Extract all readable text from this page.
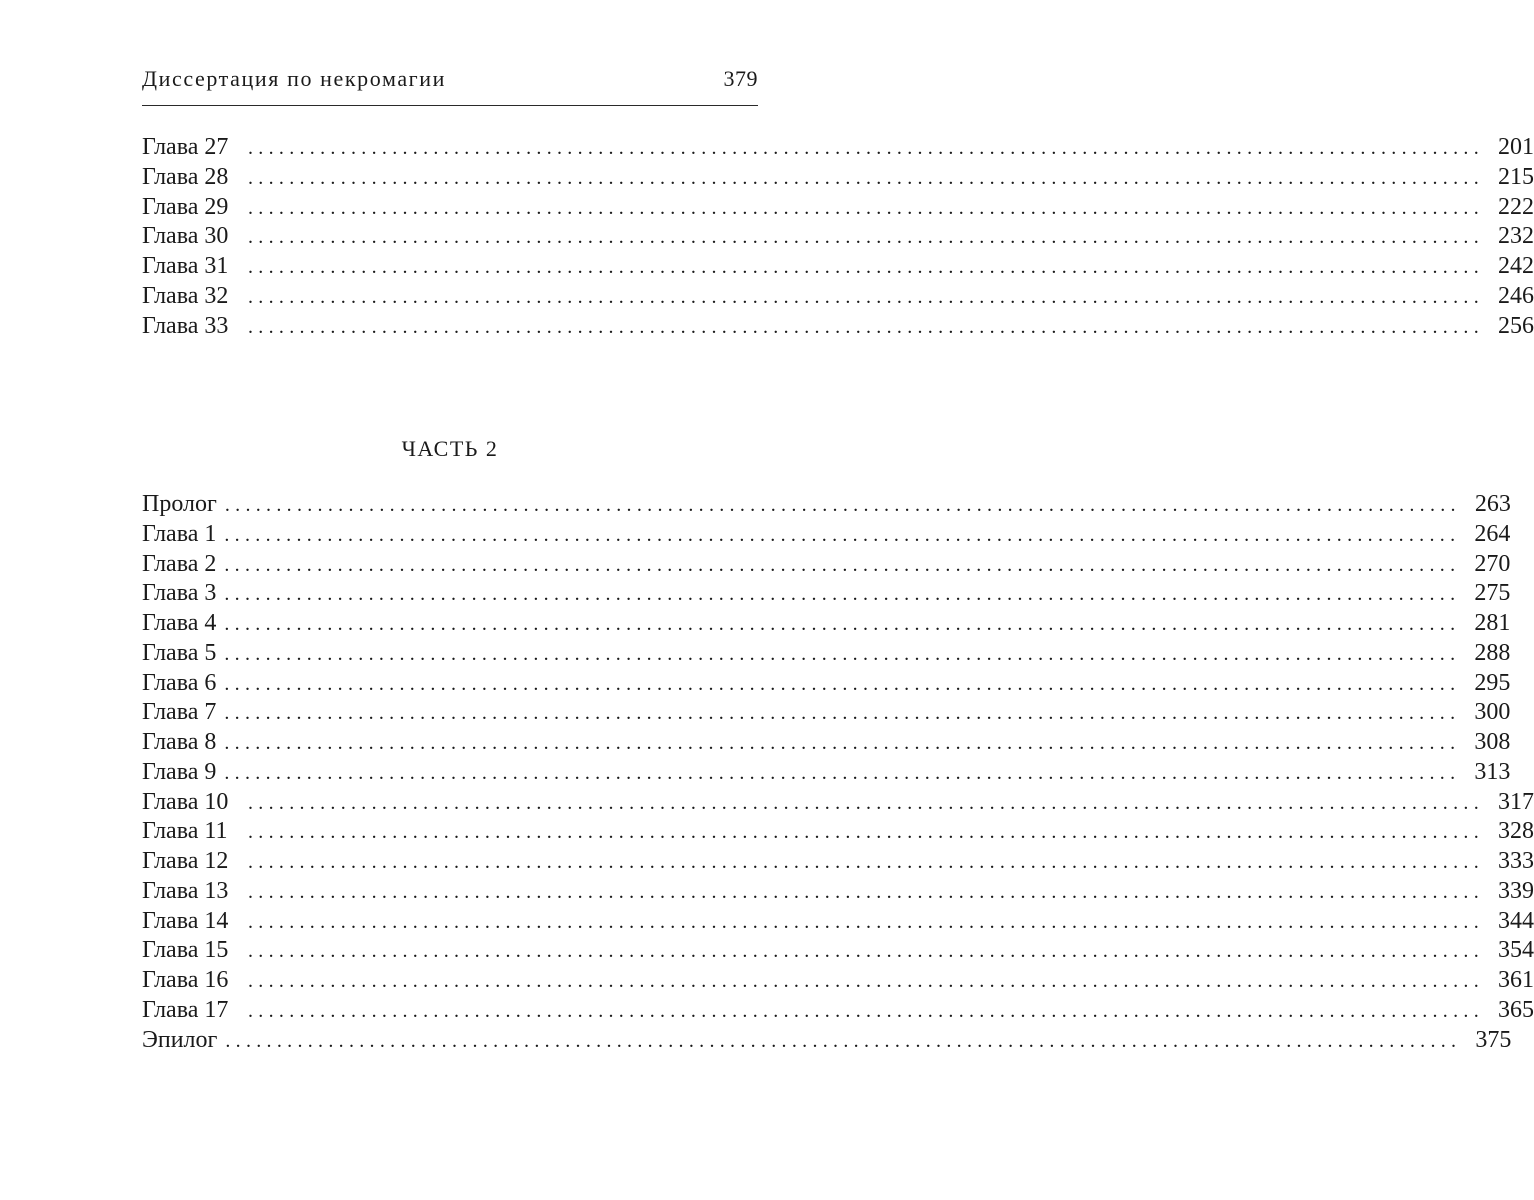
Диссертация по некромагии	379
Глава 27 ........................................................................................................................ 201
Глава 28 ........................................................................................................................ 215
Глава 29 ........................................................................................................................ 222
Глава 30 ........................................................................................................................ 232
Глава 31 ........................................................................................................................ 242
Глава 32 ........................................................................................................................ 246
Глава 33 ........................................................................................................................ 256
ЧАСТЬ 2
Пролог ........................................................................................................................ 263
Глава 1 ........................................................................................................................ 264
Глава 2 ........................................................................................................................ 270
Глава 3 ........................................................................................................................ 275
Глава 4 ........................................................................................................................ 281
Глава 5 ........................................................................................................................ 288
Глава 6 ........................................................................................................................ 295
Глава 7 ........................................................................................................................ 300
Глава 8 ........................................................................................................................ 308
Глава 9 ........................................................................................................................ 313
Глава 10 ........................................................................................................................ 317
Глава 11	........................................................................................................................ 328
Глава 12 ........................................................................................................................ 333
Глава 13 ........................................................................................................................ 339
Глава 14 ........................................................................................................................ 344
Глава 15 ........................................................................................................................ 354
Глава 16 ........................................................................................................................ 361
Глава 17 ........................................................................................................................ 365
Эпилог ........................................................................................................................ 375
